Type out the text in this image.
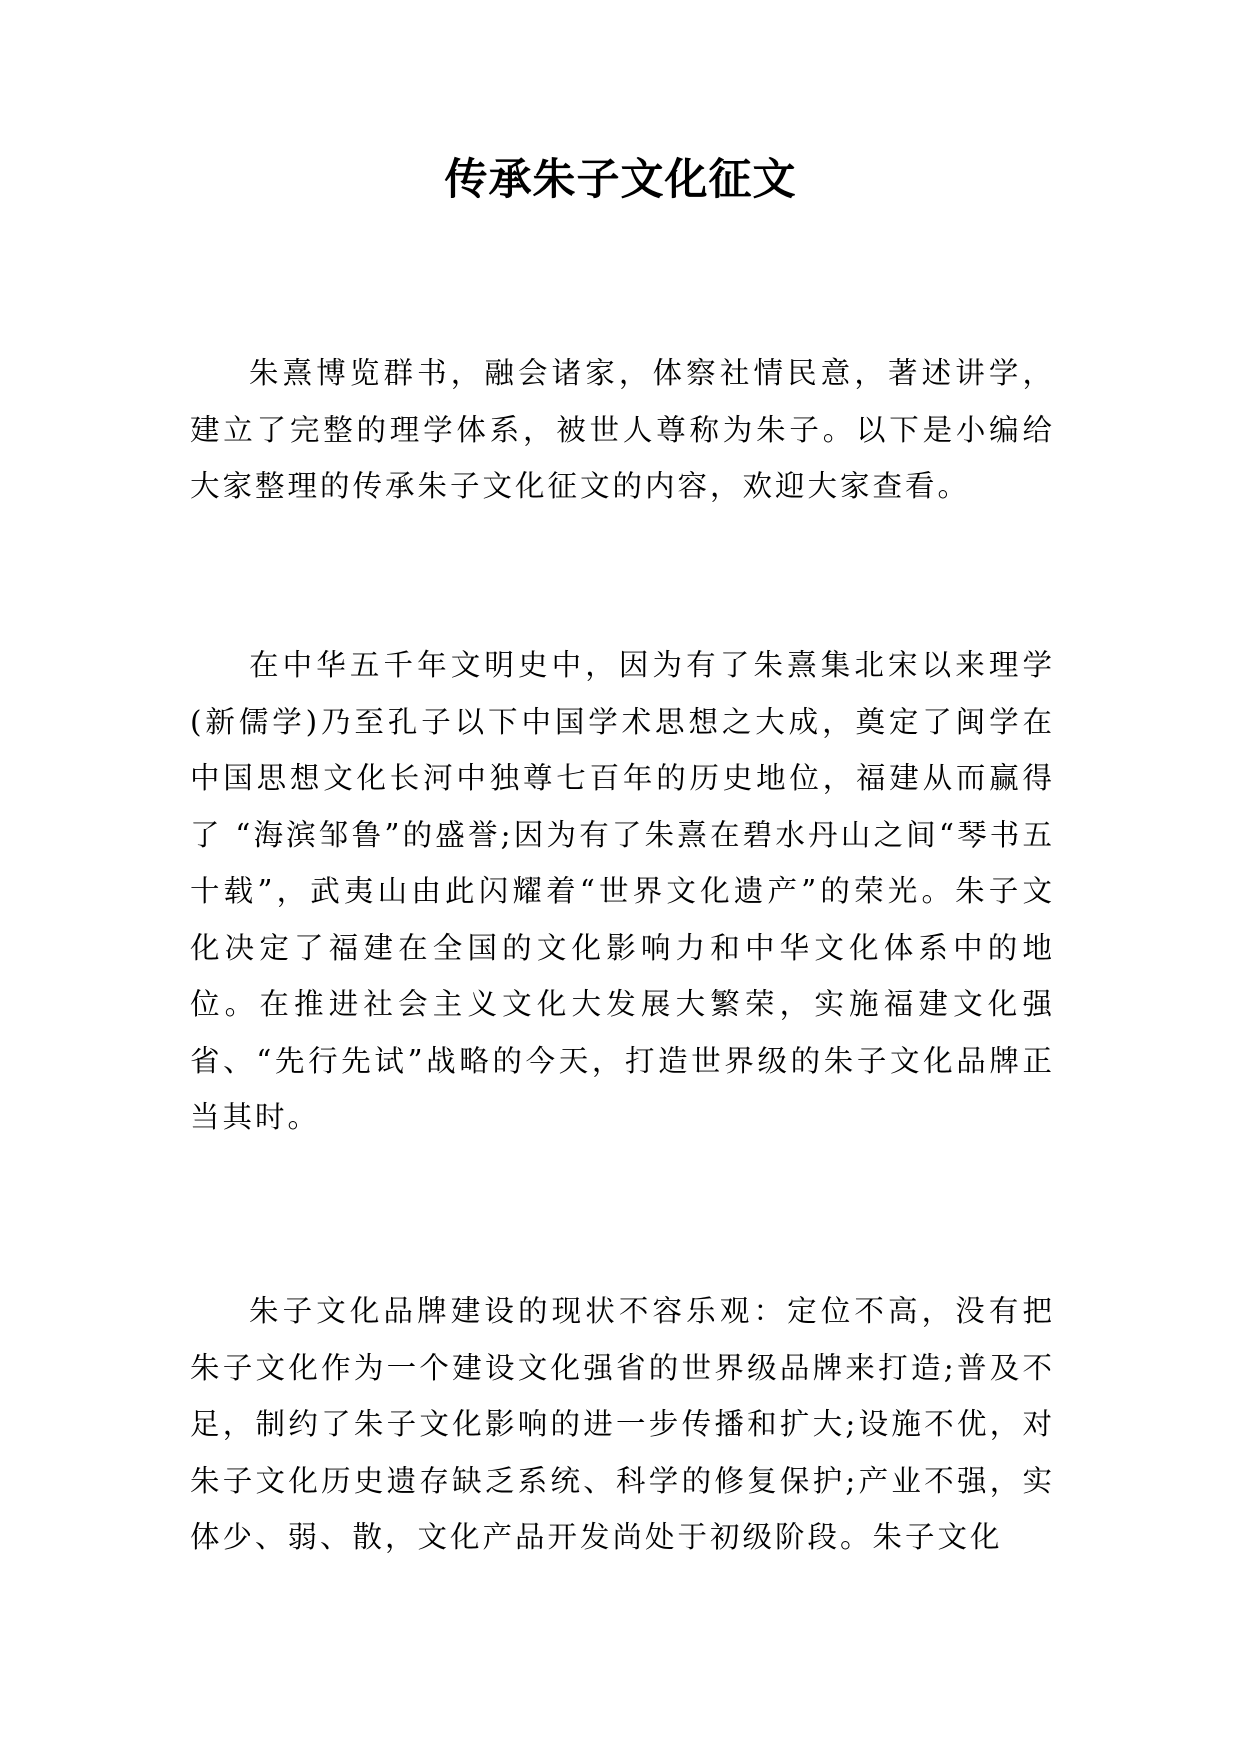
传承朱子文化征文

朱熹博览群书，融会诸家，体察社情民意，著述讲学，建立了完整的理学体系，被世人尊称为朱子。以下是小编给大家整理的传承朱子文化征文的内容，欢迎大家查看。

在中华五千年文明史中，因为有了朱熹集北宋以来理学(新儒学)乃至孔子以下中国学术思想之大成，奠定了闽学在中国思想文化长河中独尊七百年的历史地位，福建从而赢得了 “海滨邹鲁”的盛誉;因为有了朱熹在碧水丹山之间“琴书五十载”，武夷山由此闪耀着“世界文化遗产”的荣光。朱子文化决定了福建在全国的文化影响力和中华文化体系中的地位。在推进社会主义文化大发展大繁荣，实施福建文化强省、“先行先试”战略的今天，打造世界级的朱子文化品牌正当其时。

朱子文化品牌建设的现状不容乐观：定位不高，没有把朱子文化作为一个建设文化强省的世界级品牌来打造;普及不足，制约了朱子文化影响的进一步传播和扩大;设施不优，对朱子文化历史遗存缺乏系统、科学的修复保护;产业不强，实体少、弱、散，文化产品开发尚处于初级阶段。朱子文化
